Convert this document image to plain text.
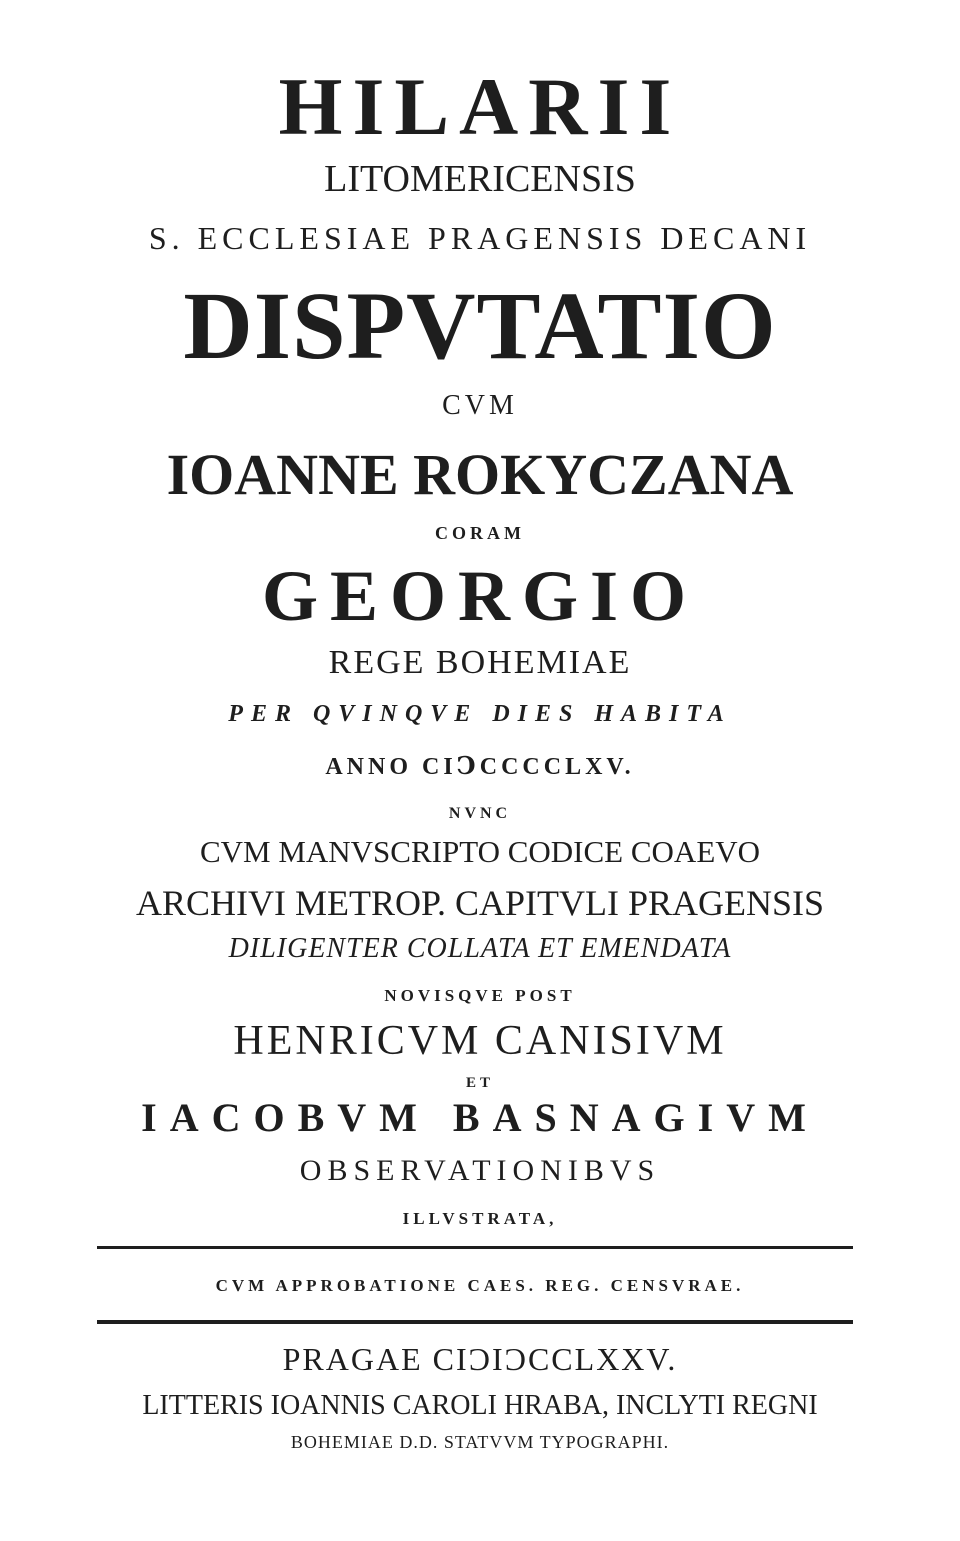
HILARII
LITOMERICENSIS
S. ECCLESIAE PRAGENSIS DECANI
DISPVTATIO
CVM
IOANNE ROKYCZANA
CORAM
GEORGIO
REGE BOHEMIAE
PER QVINQVE DIES HABITA
ANNO CIↃCCCCLXV.
NVNC
CVM MANVSCRIPTO CODICE COAEVO
ARCHIVI METROP. CAPITVLI PRAGENSIS
DILIGENTER COLLATA ET EMENDATA
NOVISQVE POST
HENRICVM CANISIVM
ET
IACOBVM BASNAGIVM
OBSERVATIONIBVS
ILLVSTRATA,
CVM APPROBATIONE CAES. REG. CENSVRAE.
PRAGAE CIƆIƆCCLXXV.
LITTERIS IOANNIS CAROLI HRABA, INCLYTI REGNI
BOHEMIAE D.D. STATVVM TYPOGRAPHI.
